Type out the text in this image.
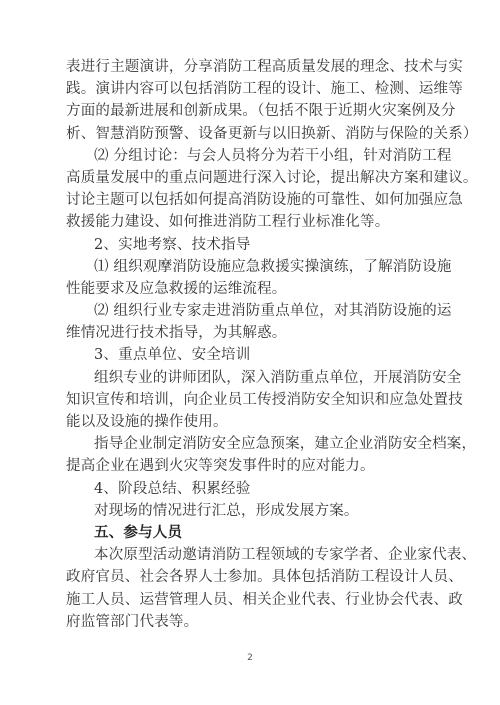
表进行主题演讲，分享消防工程高质量发展的理念、技术与实
践。演讲内容可以包括消防工程的设计、施工、检测、运维等
方面的最新进展和创新成果。（包括不限于近期火灾案例及分
析、智慧消防预警、设备更新与以旧换新、消防与保险的关系）
⑵ 分组讨论：与会人员将分为若干小组，针对消防工程
高质量发展中的重点问题进行深入讨论，提出解决方案和建议。
讨论主题可以包括如何提高消防设施的可靠性、如何加强应急
救援能力建设、如何推进消防工程行业标准化等。
2、实地考察、技术指导
⑴ 组织观摩消防设施应急救援实操演练，了解消防设施
性能要求及应急救援的运维流程。
⑵ 组织行业专家走进消防重点单位，对其消防设施的运
维情况进行技术指导，为其解惑。
3、重点单位、安全培训
组织专业的讲师团队，深入消防重点单位，开展消防安全
知识宣传和培训，向企业员工传授消防安全知识和应急处置技
能以及设施的操作使用。
指导企业制定消防安全应急预案，建立企业消防安全档案，
提高企业在遇到火灾等突发事件时的应对能力。
4、阶段总结、积累经验
对现场的情况进行汇总，形成发展方案。
五、参与人员
本次原型活动邀请消防工程领域的专家学者、企业家代表、
政府官员、社会各界人士参加。具体包括消防工程设计人员、
施工人员、运营管理人员、相关企业代表、行业协会代表、政
府监管部门代表等。
2
